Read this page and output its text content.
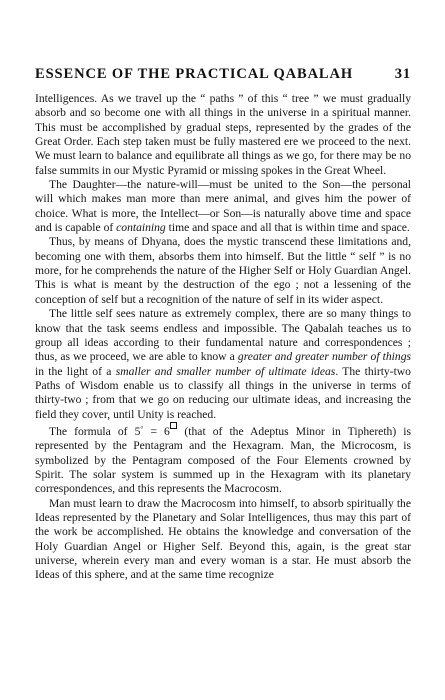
ESSENCE OF THE PRACTICAL QABALAH	31

Intelligences. As we travel up the “ paths ” of this “ tree ” we must gradually absorb and so become one with all things in the universe in a spiritual manner. This must be accomplished by gradual steps, represented by the grades of the Great Order. Each step taken must be fully mastered ere we proceed to the next. We must learn to balance and equilibrate all things as we go, for there may be no false summits in our Mystic Pyramid or missing spokes in the Great Wheel.

The Daughter—the nature-will—must be united to the Son—the personal will which makes man more than mere animal, and gives him the power of choice. What is more, the Intellect—or Son—is naturally above time and space and is capable of containing time and space and all that is within time and space.

Thus, by means of Dhyana, does the mystic transcend these limitations and, becoming one with them, absorbs them into himself. But the little “ self ” is no more, for he comprehends the nature of the Higher Self or Holy Guardian Angel. This is what is meant by the destruction of the ego ; not a lessening of the conception of self but a recognition of the nature of self in its wider aspect.

The little self sees nature as extremely complex, there are so many things to know that the task seems endless and impossible. The Qabalah teaches us to group all ideas according to their fundamental nature and correspondences ; thus, as we proceed, we are able to know a greater and greater number of things in the light of a smaller and smaller number of ultimate ideas. The thirty-two Paths of Wisdom enable us to classify all things in the universe in terms of thirty-two ; from that we go on reducing our ultimate ideas, and increasing the field they cover, until Unity is reached.

The formula of 5° = 6 (that of the Adeptus Minor in Tiphereth) is represented by the Pentagram and the Hexagram. Man, the Microcosm, is symbolized by the Pentagram composed of the Four Elements crowned by Spirit. The solar system is summed up in the Hexagram with its planetary correspondences, and this represents the Macrocosm.

Man must learn to draw the Macrocosm into himself, to absorb spiritually the Ideas represented by the Planetary and Solar Intelligences, thus may this part of the work be accomplished. He obtains the knowledge and conversation of the Holy Guardian Angel or Higher Self. Beyond this, again, is the great star universe, wherein every man and every woman is a star. He must absorb the Ideas of this sphere, and at the same time recognize
